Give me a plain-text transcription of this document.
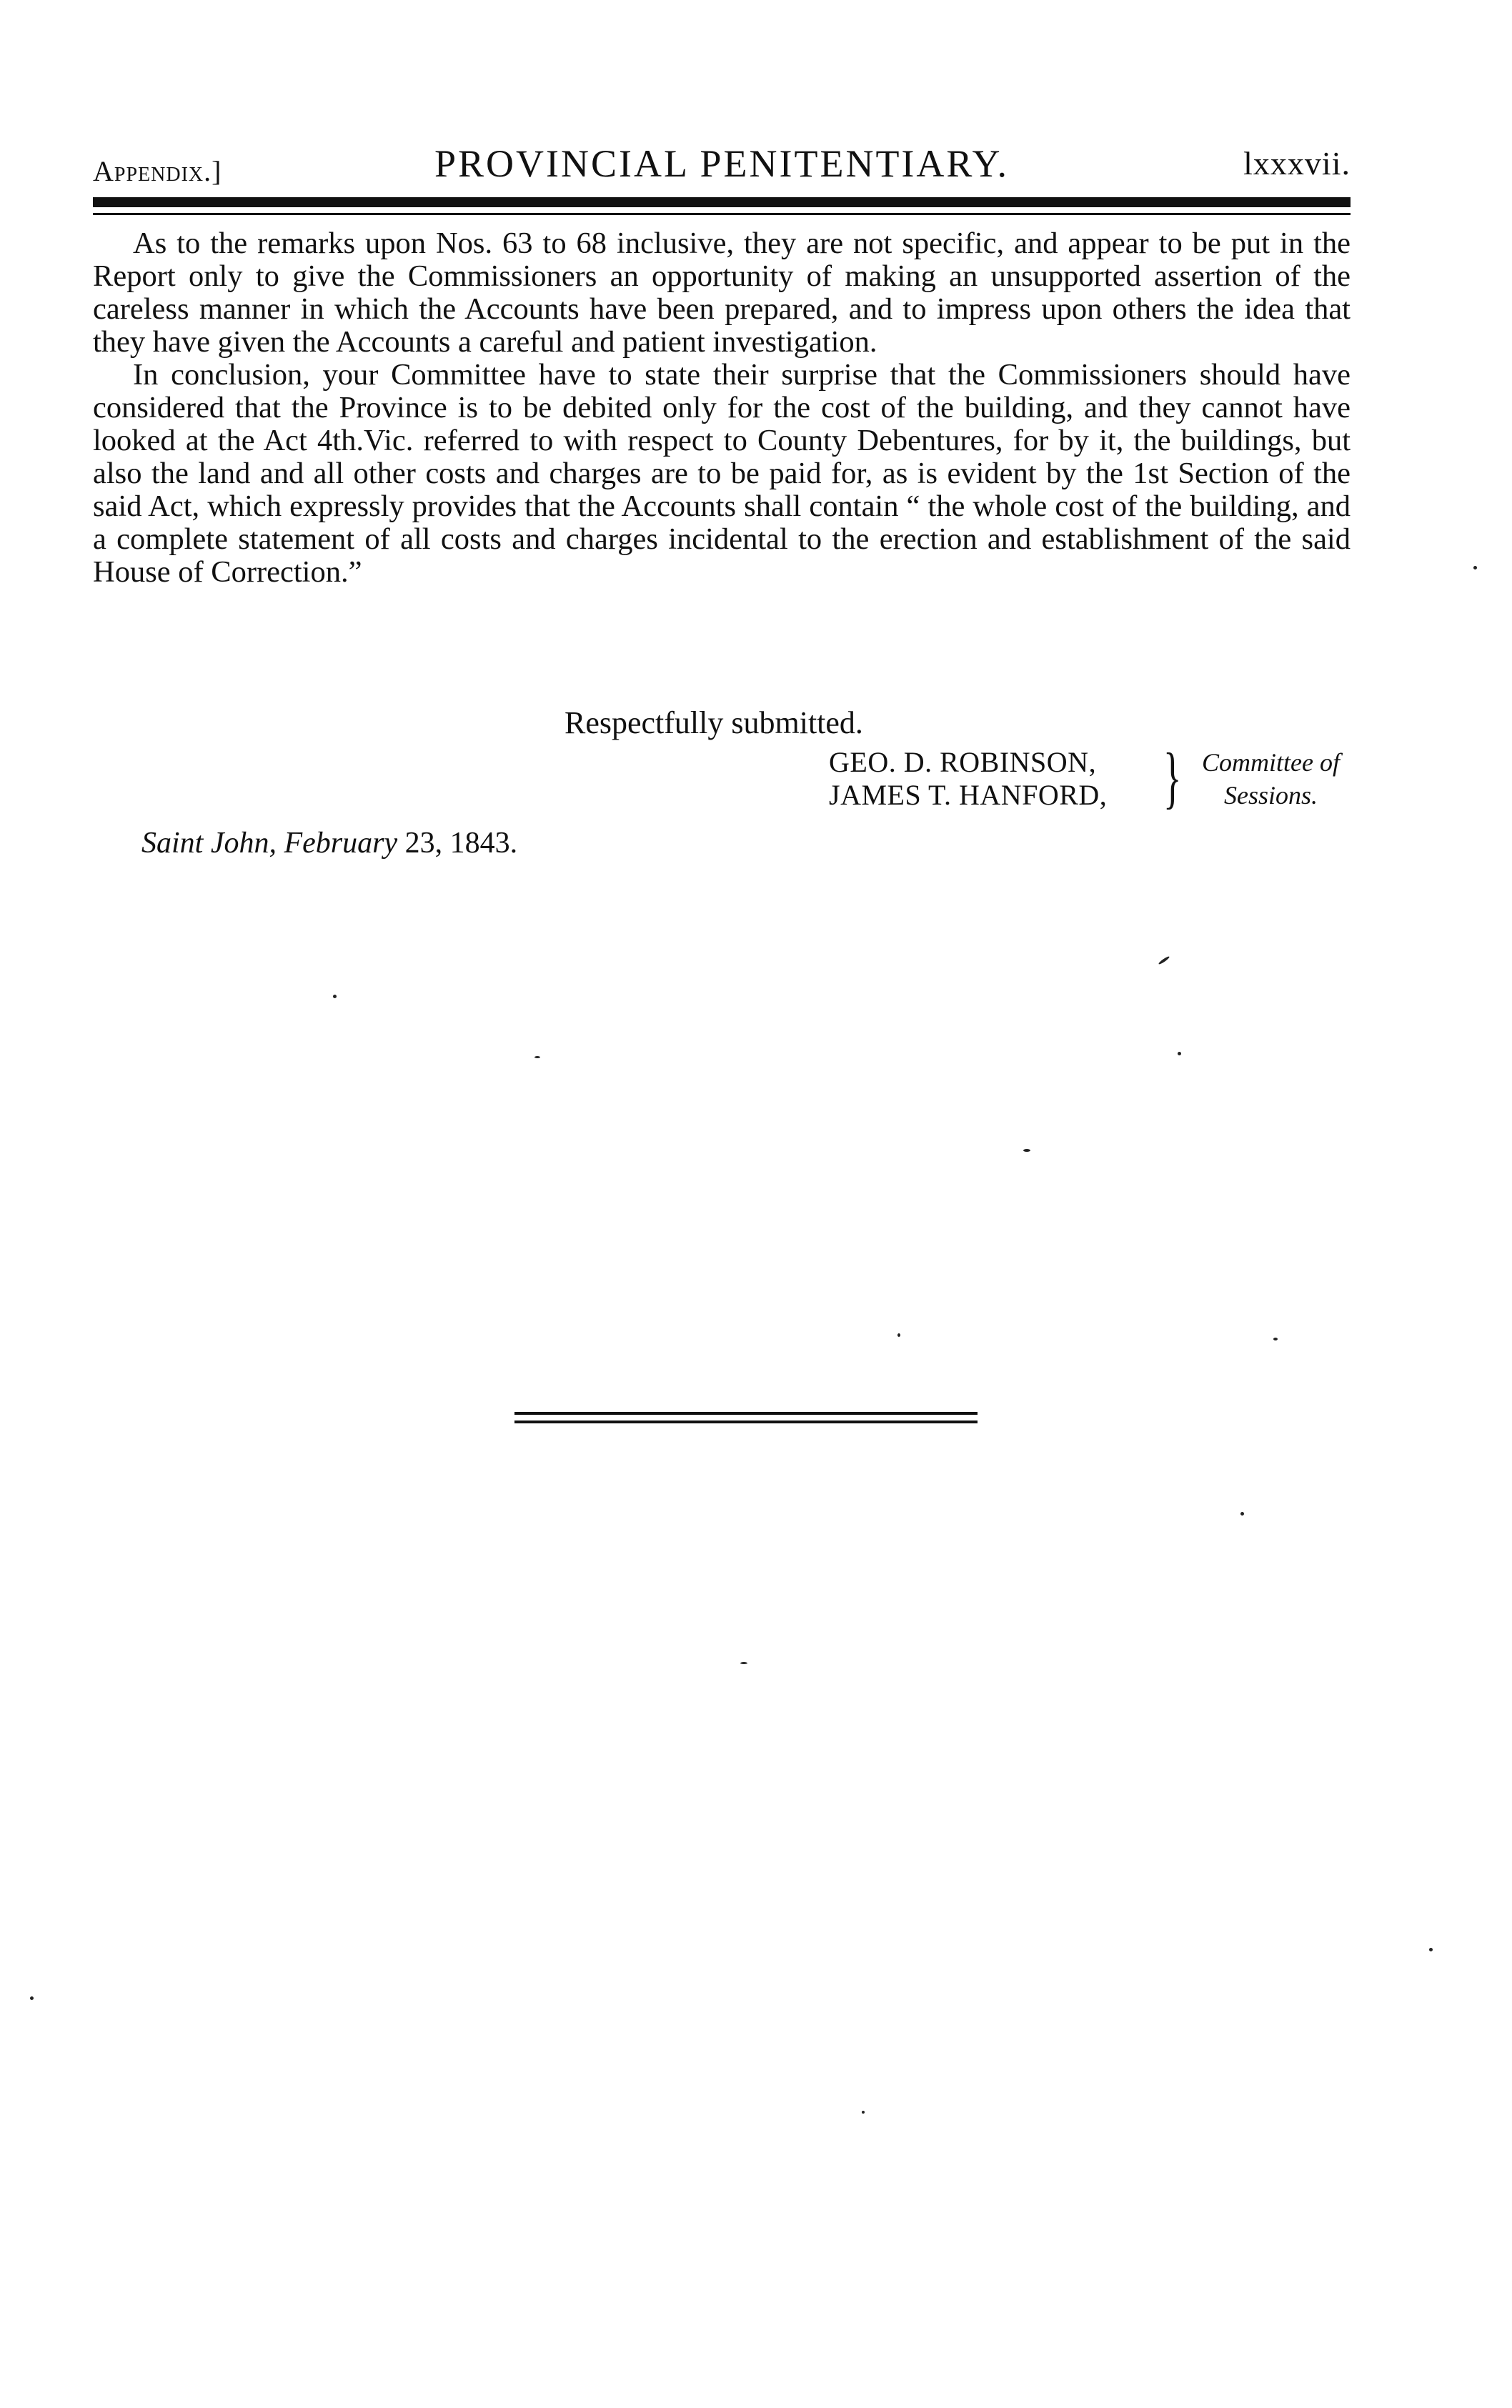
Appendix.]	PROVINCIAL PENITENTIARY.	lxxxvii.

As to the remarks upon Nos. 63 to 68 inclusive, they are not specific, and appear to be put in the Report only to give the Commissioners an opportunity of making an unsupported assertion of the careless manner in which the Accounts have been prepared, and to impress upon others the idea that they have given the Accounts a careful and patient investigation.

In conclusion, your Committee have to state their surprise that the Commissioners should have considered that the Province is to be debited only for the cost of the building, and they cannot have looked at the Act 4th.Vic. referred to with respect to County Debentures, for by it, the buildings, but also the land and all other costs and charges are to be paid for, as is evident by the 1st Section of the said Act, which expressly provides that the Accounts shall contain “ the whole cost of the building, and a complete statement of all costs and charges incidental to the erection and establishment of the said House of Correction.”

Respectfully submitted.
GEO. D. ROBINSON,
JAMES T. HANFORD, } Committee of
Sessions.
Saint John, February 23, 1843.
